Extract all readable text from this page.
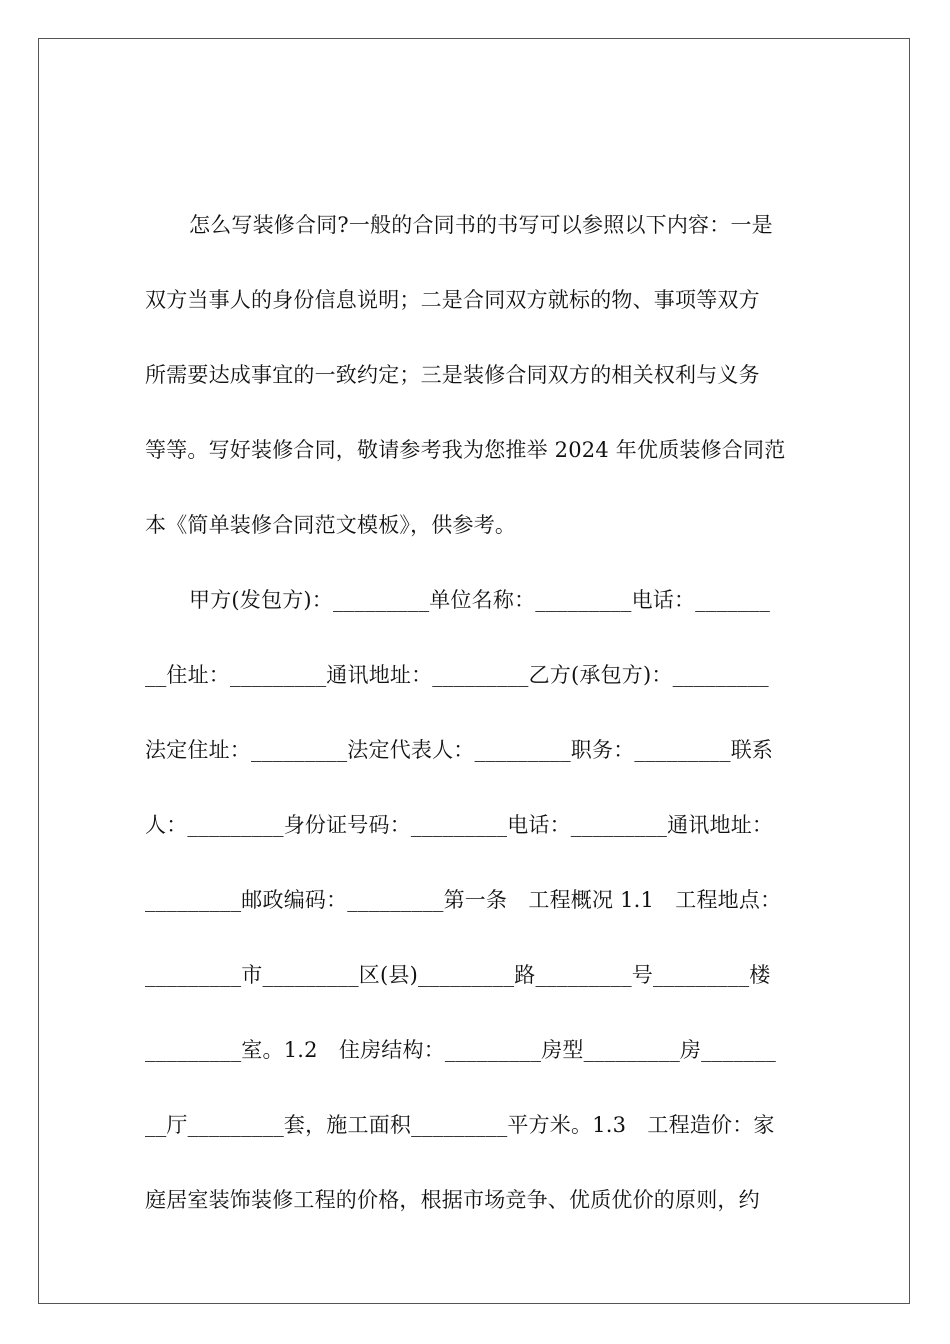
怎么写装修合同?一般的合同书的书写可以参照以下内容：一是
双方当事人的身份信息说明；二是合同双方就标的物、事项等双方
所需要达成事宜的一致约定；三是装修合同双方的相关权利与义务
等等。写好装修合同，敬请参考我为您推举 2024 年优质装修合同范
本《简单装修合同范文模板》，供参考。
甲方(发包方)：_________单位名称：_________电话：_______
__住址：_________通讯地址：_________乙方(承包方)：_________
法定住址：_________法定代表人：_________职务：_________联系
人：_________身份证号码：_________电话：_________通讯地址：
_________邮政编码：_________第一条　工程概况 1.1　工程地点：
_________市_________区(县)_________路_________号_________楼
_________室。1.2　住房结构：_________房型_________房_______
__厅_________套，施工面积_________平方米。1.3　工程造价：家
庭居室装饰装修工程的价格，根据市场竞争、优质优价的原则，约
